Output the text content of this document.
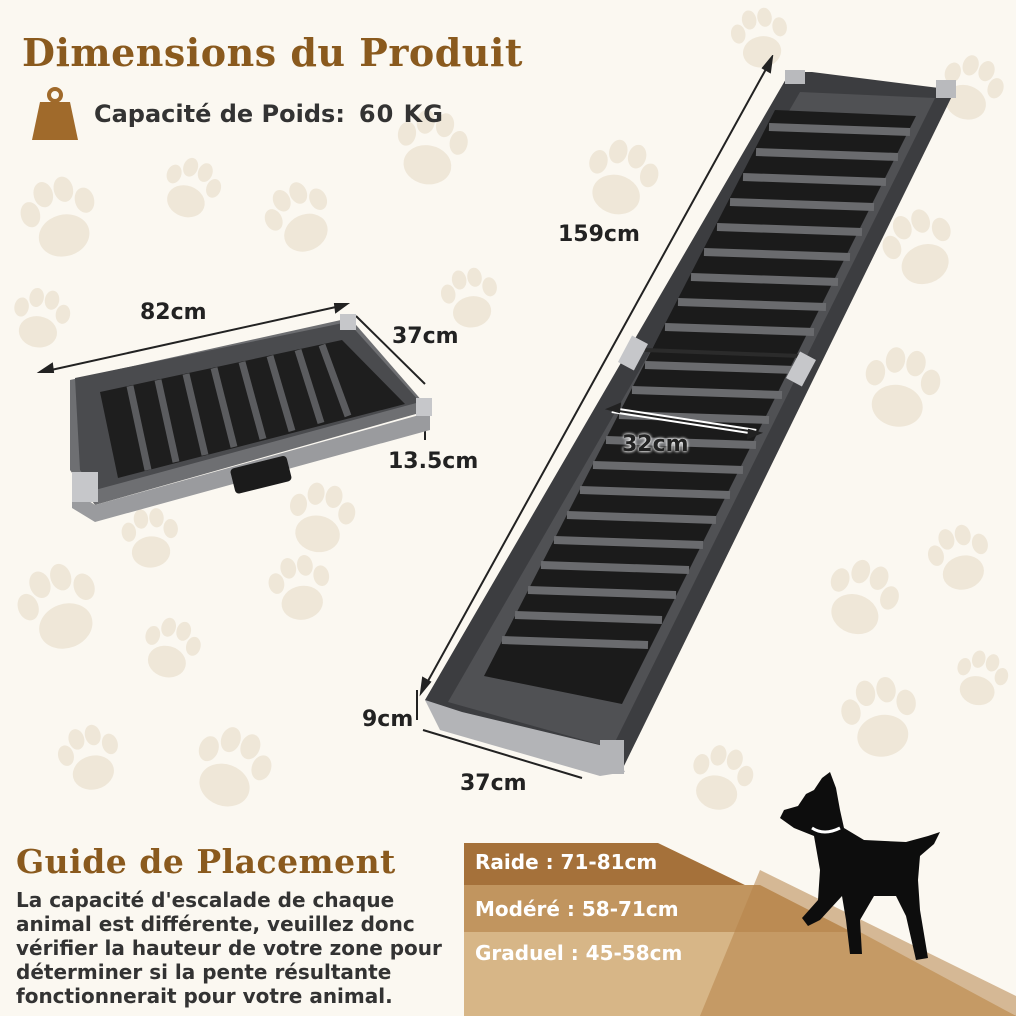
Dimensions du Produit
Capacité de Poids: 60 KG
82cm
37cm
13.5cm
159cm
32cm
9cm
37cm
Guide de Placement
La capacité d'escalade de chaque animal est différente, veuillez donc vérifier la hauteur de votre zone pour déterminer si la pente résultante fonctionnerait pour votre animal.
Raide : 71-81cm
Modéré : 58-71cm
Graduel : 45-58cm
